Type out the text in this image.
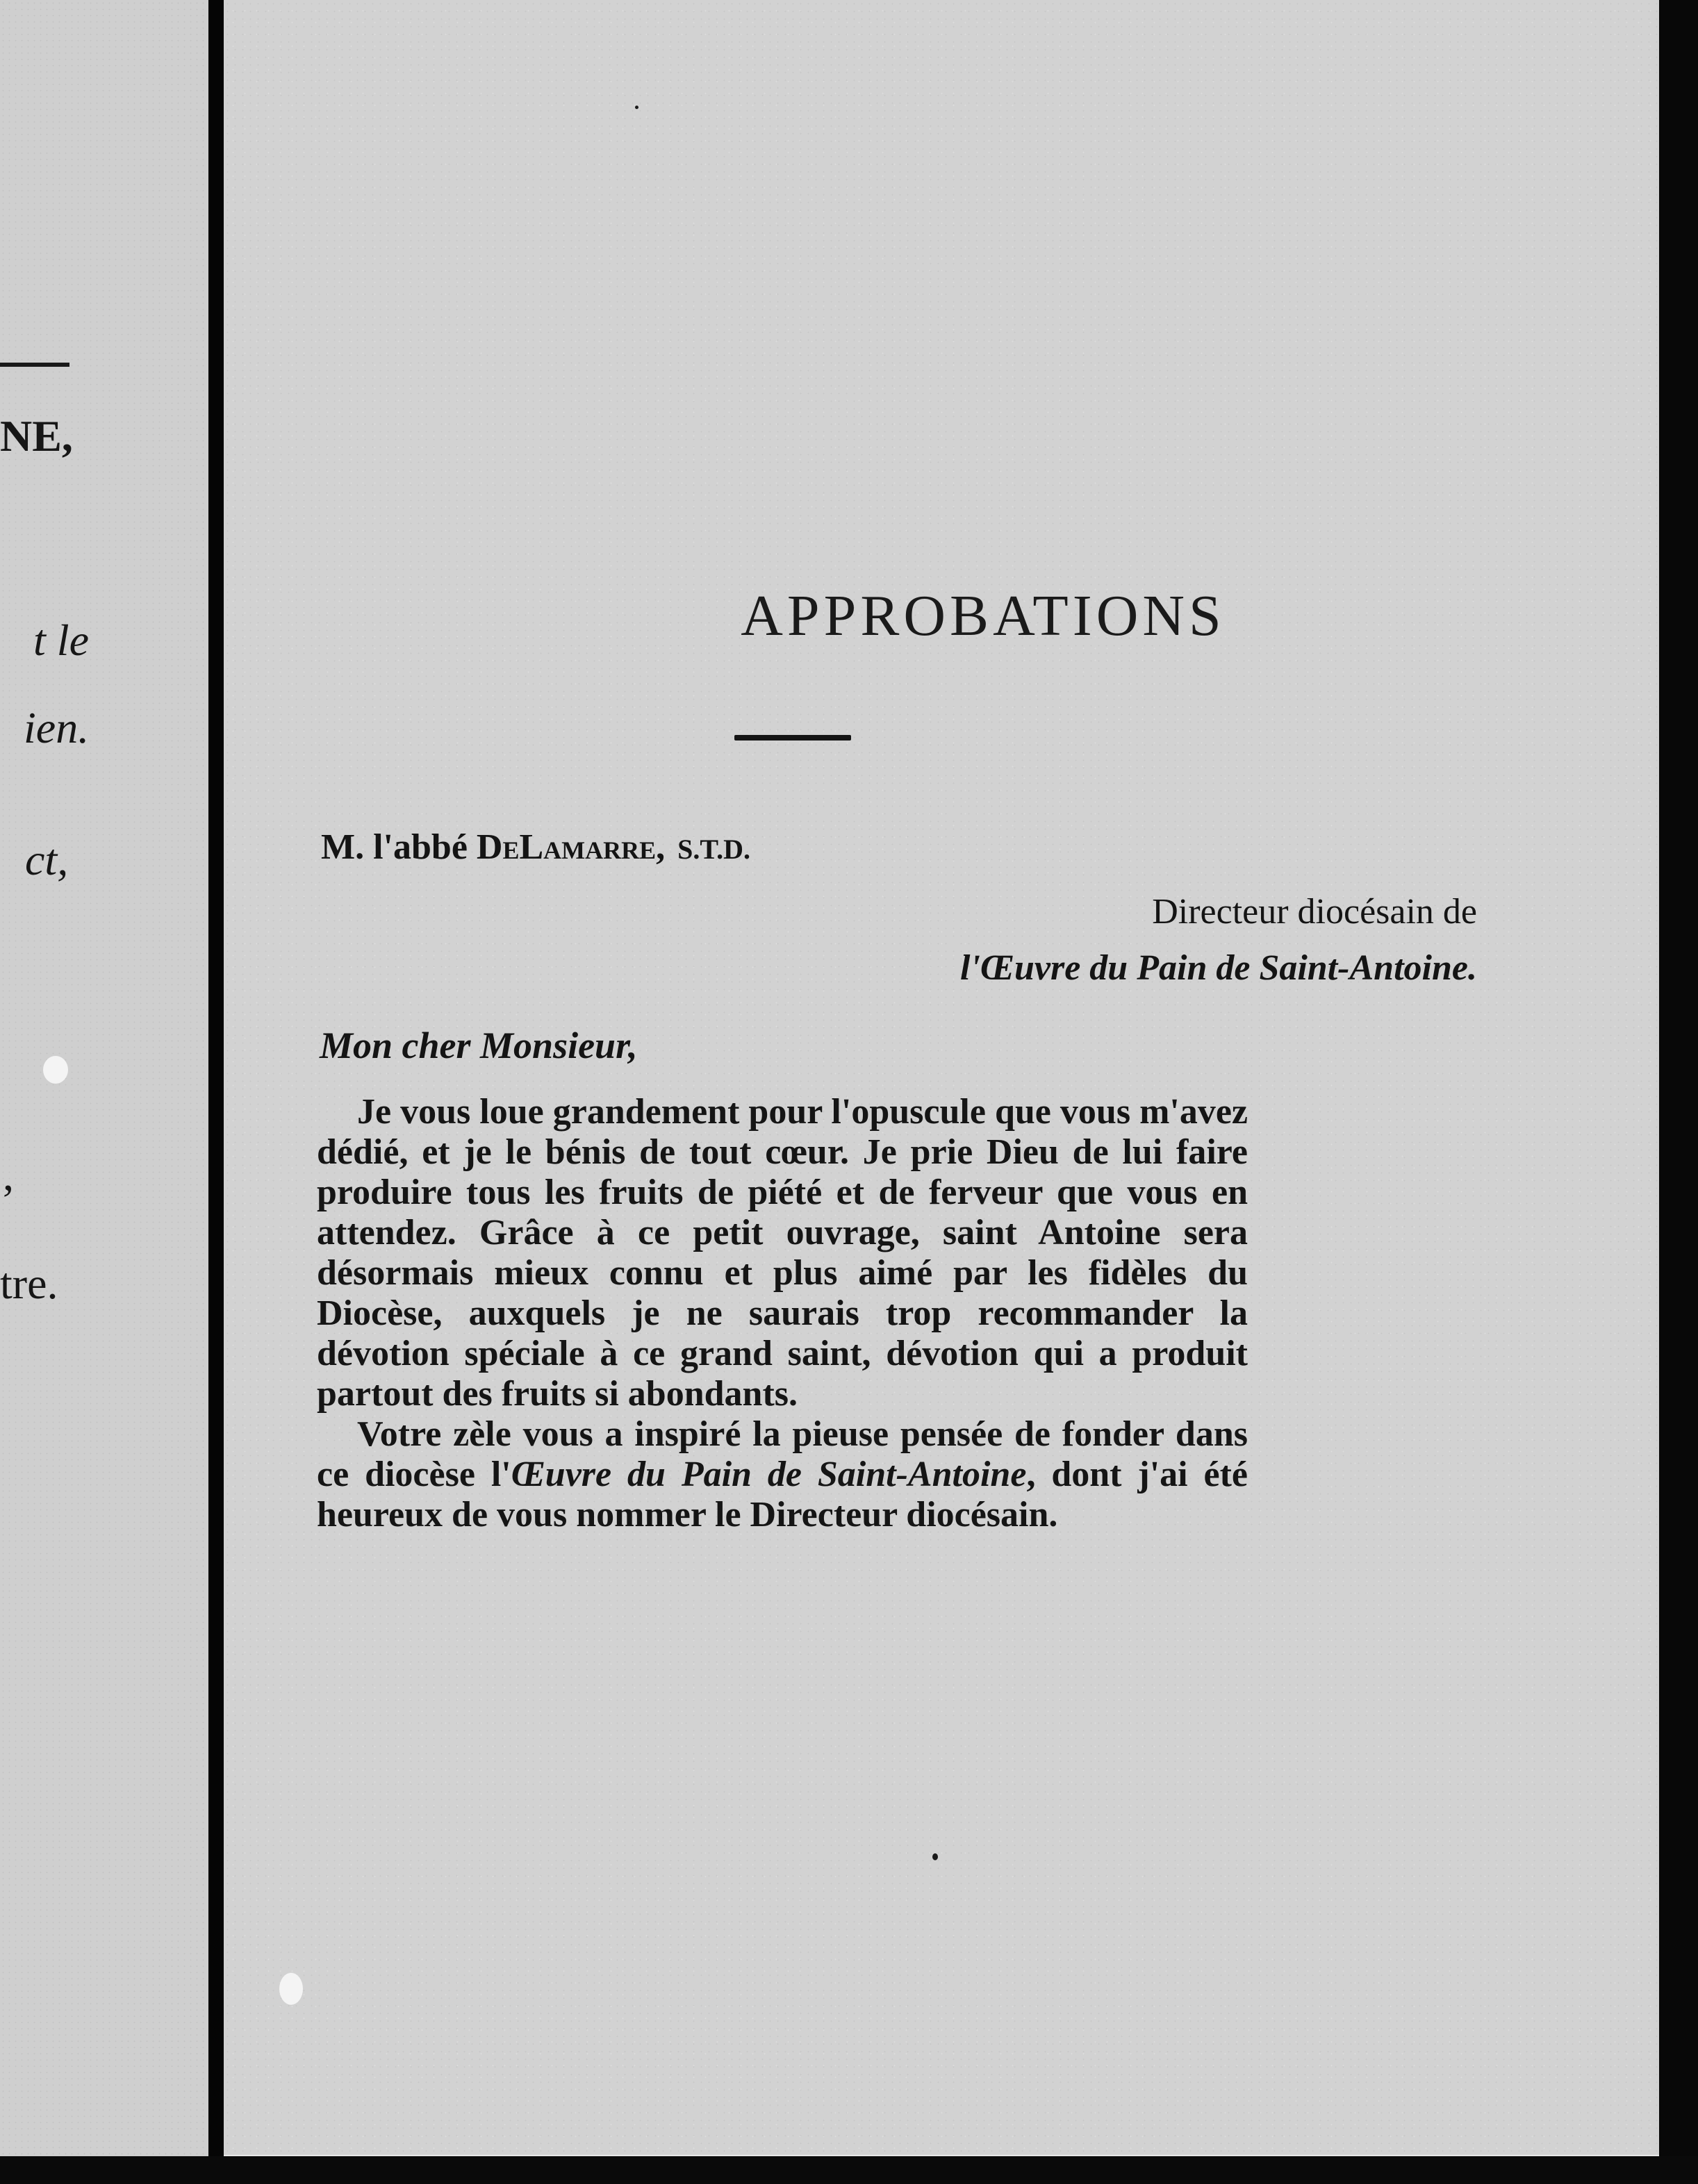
NE,
t le
ien.
ct,
,
tre.
APPROBATIONS
M. l'abbé DeLamarre, S.T.D.
Directeur diocésain de
l'Œuvre du Pain de Saint-Antoine.
Mon cher Monsieur,

Je vous loue grandement pour l'opuscule que vous m'avez dédié, et je le bénis de tout cœur. Je prie Dieu de lui faire produire tous les fruits de piété et de ferveur que vous en attendez. Grâce à ce petit ouvrage, saint Antoine sera désormais mieux connu et plus aimé par les fidèles du Diocèse, auxquels je ne saurais trop recommander la dévotion spéciale à ce grand saint, dévotion qui a produit partout des fruits si abondants.

Votre zèle vous a inspiré la pieuse pensée de fonder dans ce diocèse l'Œuvre du Pain de Saint-Antoine, dont j'ai été heureux de vous nommer le Directeur diocésain.
